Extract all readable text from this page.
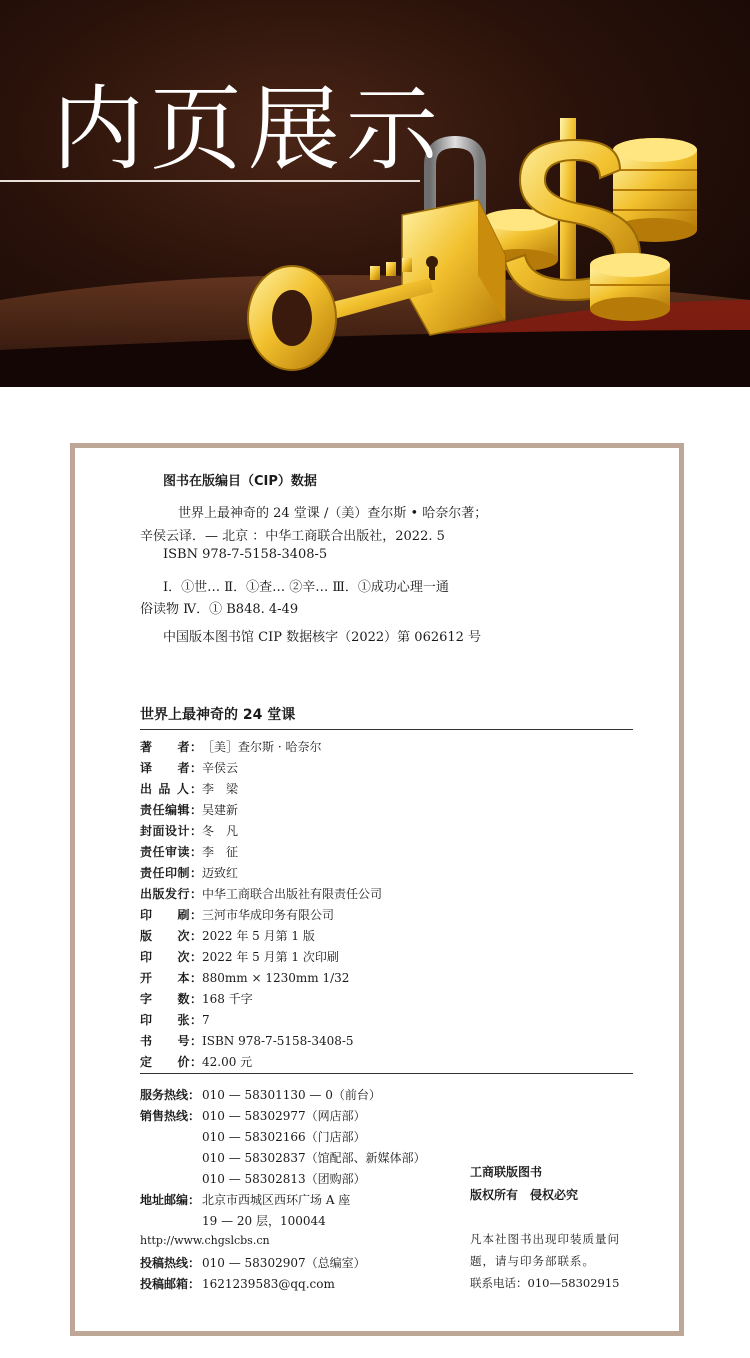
内页展示
图书在版编目（CIP）数据
世界上最神奇的 24 堂课 /（美）查尔斯 • 哈奈尔著；
辛侯云译．— 北京 ：中华工商联合出版社，2022. 5
ISBN 978-7-5158-3408-5
Ⅰ．①世… Ⅱ．①查… ②辛… Ⅲ．①成功心理一通
俗读物 Ⅳ．① B848. 4-49
中国版本图书馆 CIP 数据核字（2022）第 062612 号
世界上最神奇的 24 堂课
著　　者：［美］查尔斯 · 哈奈尔
译　　者：辛侯云
出 品 人：李　梁
责任编辑：吴建新
封面设计：冬　凡
责任审读：李　征
责任印制：迈致红
出版发行：中华工商联合出版社有限责任公司
印　　刷：三河市华成印务有限公司
版　　次：2022 年 5 月第 1 版
印　　次：2022 年 5 月第 1 次印刷
开　　本：880mm × 1230mm 1/32
字　　数：168 千字
印　　张：7
书　　号：ISBN 978-7-5158-3408-5
定　　价：42.00 元
服务热线： 010 — 58301130 — 0（前台）
销售热线： 010 — 58302977（网店部）
010 — 58302166（门店部）
010 — 58302837（馆配部、新媒体部）
010 — 58302813（团购部）
地址邮编： 北京市西城区西环广场 A 座
19 — 20 层，100044
http://www.chgslcbs.cn
投稿热线： 010 — 58302907（总编室）
投稿邮箱： 1621239583@qq.com
工商联版图书
版权所有　侵权必究
凡本社图书出现印装质量问
题，请与印务部联系。
联系电话：010—58302915
